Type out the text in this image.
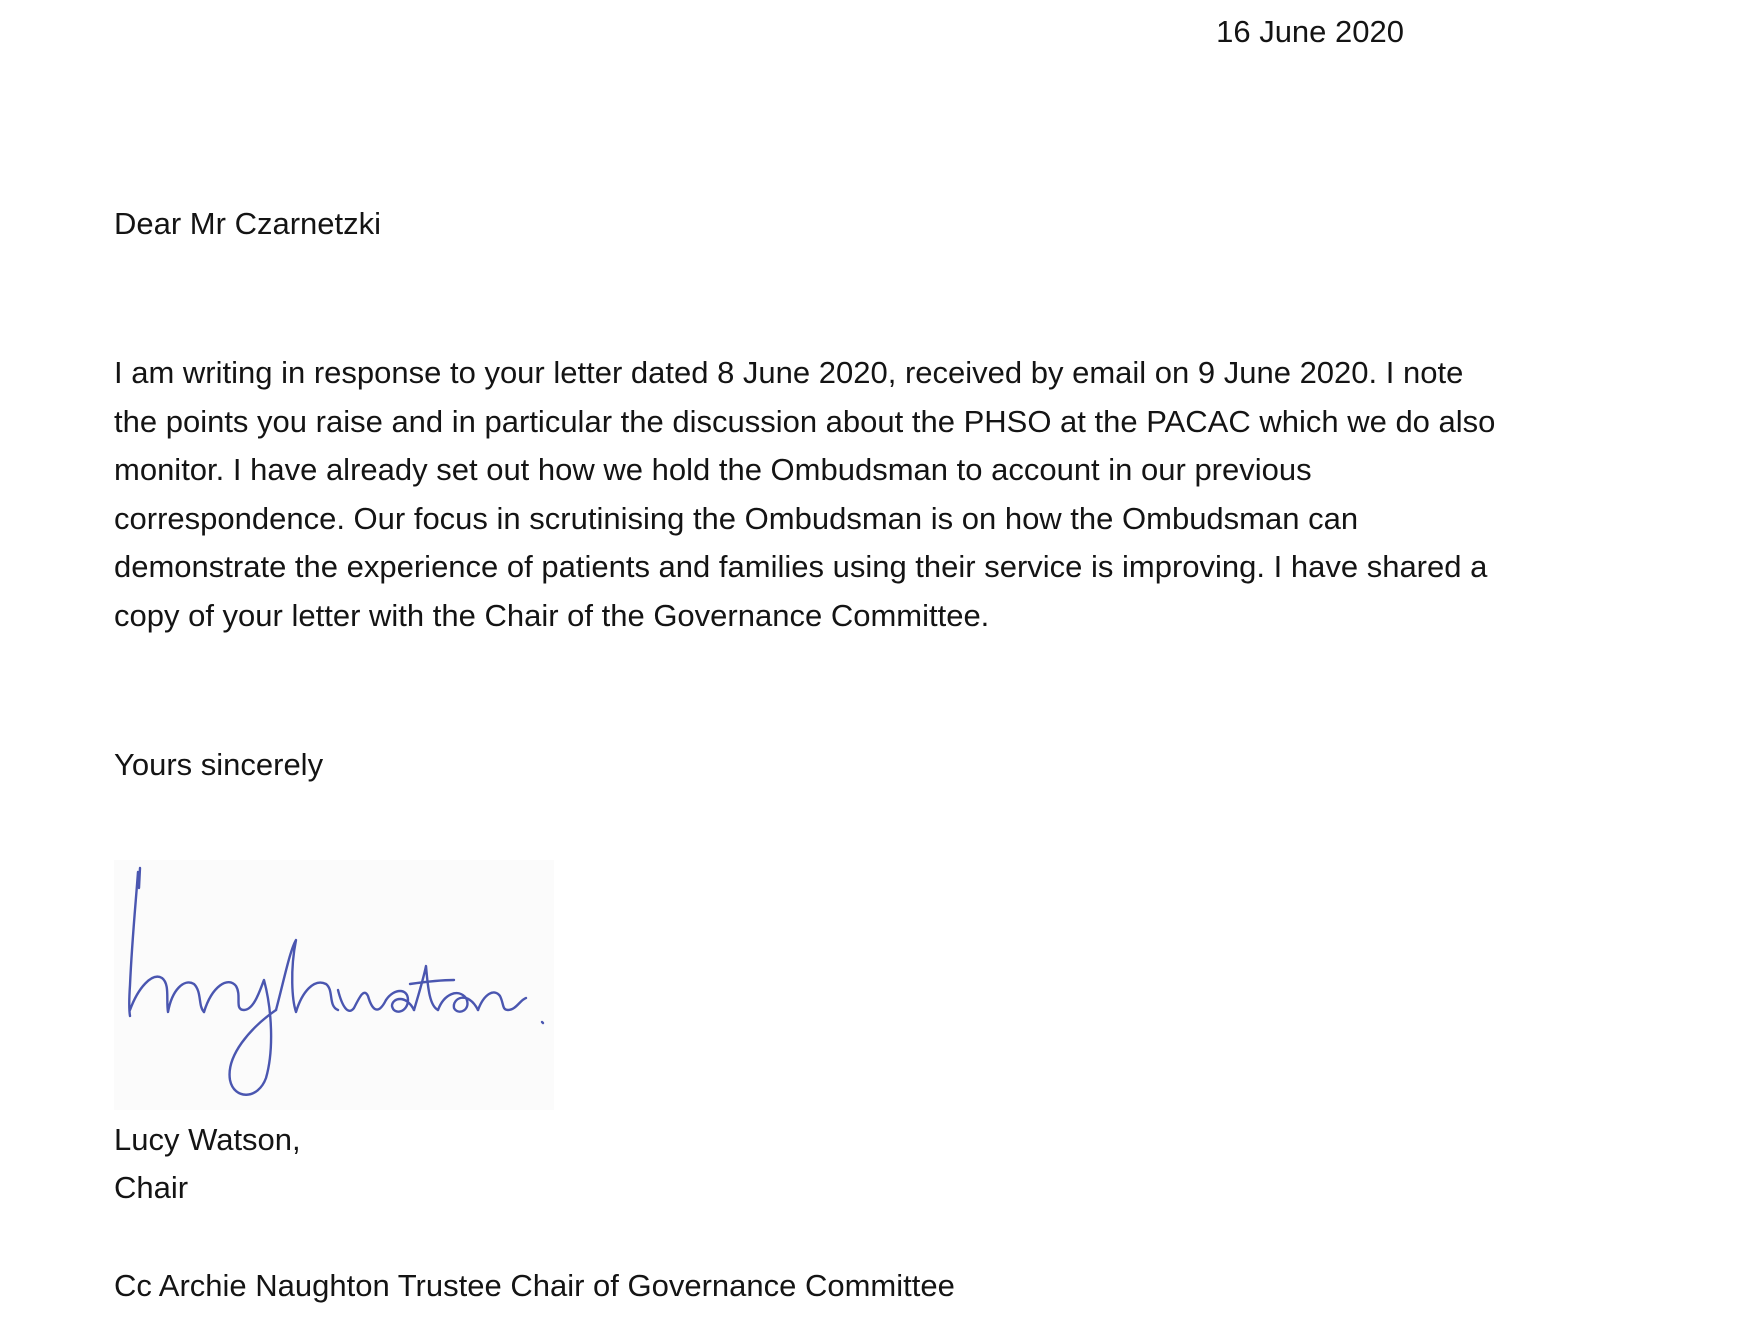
16 June 2020
Dear Mr Czarnetzki
I am writing in response to your letter dated 8 June 2020, received by email on 9 June 2020. I note
the points you raise and in particular the discussion about the PHSO at the PACAC which we do also
monitor. I have already set out how we hold the Ombudsman to account in our previous
correspondence. Our focus in scrutinising the Ombudsman is on how the Ombudsman can
demonstrate the experience of patients and families using their service is improving. I have shared a
copy of your letter with the Chair of the Governance Committee.
Yours sincerely
Lucy Watson,
Chair
Cc Archie Naughton Trustee Chair of Governance Committee
